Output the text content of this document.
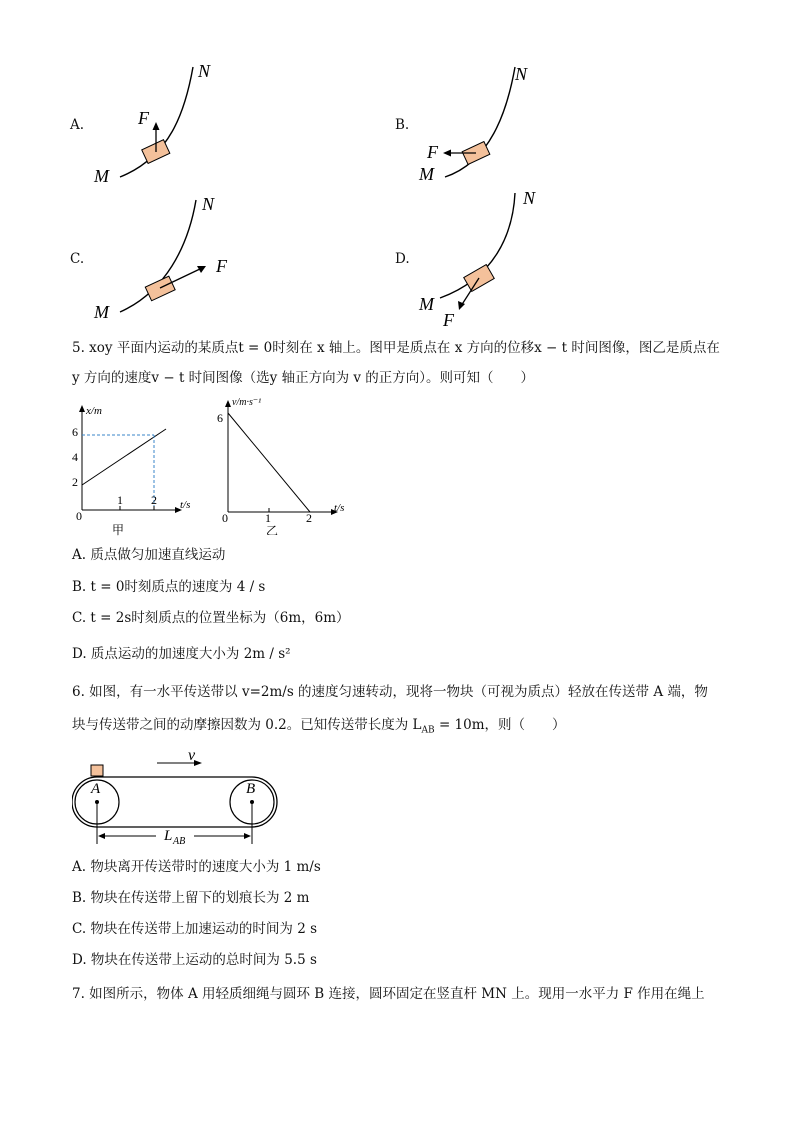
A.	F
M
N
B.
F
M
N
C.	F
M
N
D.
F
M
N
5. xoy 平面内运动的某质点t = 0时刻在 x 轴上。图甲是质点在 x 方向的位移x − t 时间图像，图乙是质点在
y 方向的速度v − t 时间图像（选y 轴正方向为 v 的正方向）。则可知（　　）
x/m
t/s
2
4
6
1 2
0
甲
v/m·s⁻¹
t/s
6
1	2
0
乙
A. 质点做匀加速直线运动
B. t = 0时刻质点的速度为 4 / s
C. t = 2s时刻质点的位置坐标为（6m，6m）
D. 质点运动的加速度大小为 2m / s²
6. 如图，有一水平传送带以 v=2m/s 的速度匀速转动，现将一物块（可视为质点）轻放在传送带 A 端，物
块与传送带之间的动摩擦因数为 0.2。已知传送带长度为 $L_{AB} = 10m$，则（　　）
v
A	B
L AB
A. 物块离开传送带时的速度大小为 1 m/s
B. 物块在传送带上留下的划痕长为 2 m
C. 物块在传送带上加速运动的时间为 2 s
D. 物块在传送带上运动的总时间为 5.5 s
7. 如图所示，物体 A 用轻质细绳与圆环 B 连接，圆环固定在竖直杆 MN 上。现用一水平力 F 作用在绳上
